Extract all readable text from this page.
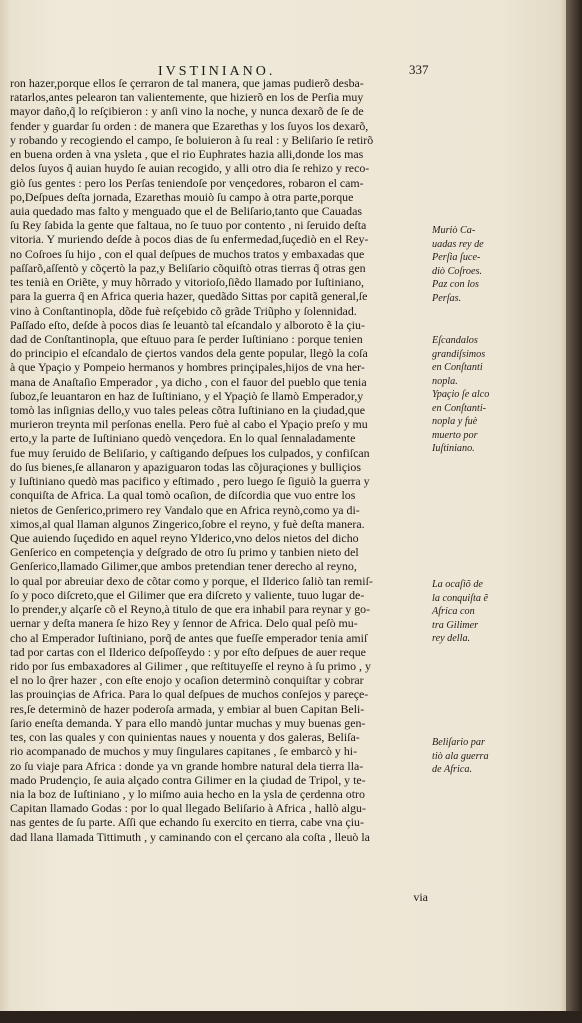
IVSTINIANO.	337
ron hazer,porque ellos ſe çerraron de tal manera, que jamas pudierõ desba-
ratarlos,antes pelearon tan valientemente, que hizierõ en los de Perſia muy
mayor daño,q̃ lo reſçibieron : y anſi vino la noche, y nunca dexarõ de ſe de
fender y guardar ſu orden : de manera que Ezarethas y los ſuyos los dexarõ,
y robando y recogiendo el campo, ſe boluieron à ſu real : y Beliſario ſe retirõ
en buena orden à vna ysleta , que el rio Euphrates hazia alli,donde los mas
delos ſuyos q̃ auian huydo ſe auian recogido, y alli otro dia ſe rehizo y reco-
giò ſus gentes : pero los Perſas teniendoſe por vençedores, robaron el cam-
po,Deſpues deſta jornada, Ezarethas mouiò ſu campo à otra parte,porque
auia quedado mas falto y menguado que el de Beliſario,tanto que Cauadas
ſu Rey ſabida la gente que faltaua, no ſe tuuo por contento , ni ſeruido deſta
vitoria. Y muriendo deſde à pocos dias de ſu enfermedad,ſuçediò en el Rey-
no Coſroes ſu hijo , con el qual deſpues de muchos tratos y embaxadas que
paſſarõ,aſſentò y cõçertò la paz,y Beliſario cõquiſtò otras tierras q̃ otras gen
tes tenià en Oriẽte, y muy hõrrado y vitorioſo,ſiẽdo llamado por Iuſtiniano,
para la guerra q̃ en Africa queria hazer, quedãdo Sittas por capitã general,ſe
vino à Conſtantinopla, dõde fuè reſçebido cõ grãde Triũpho y ſolennidad.
Paſſado eſto, deſde à pocos dias ſe leuantò tal eſcandalo y alboroto ẽ la çiu-
dad de Conſtantinopla, que eſtuuo para ſe perder Iuſtiniano : porque tenien
do principio el eſcandalo de çiertos vandos dela gente popular, llegò la coſa
à que Ypaçio y Pompeio hermanos y hombres prinçipales,hijos de vna her-
mana de Anaſtaſio Emperador , ya dicho , con el fauor del pueblo que tenia
ſuboz,ſe leuantaron en haz de Iuſtiniano, y el Ypaçiò ſe llamò Emperador,y
tomò las inſignias dello,y vuo tales peleas cõtra Iuſtiniano en la çiudad,que
murieron treynta mil perſonas enella. Pero fuè al cabo el Ypaçio preſo y mu
erto,y la parte de Iuſtiniano quedò vençedora. En lo qual ſennaladamente
fue muy ſeruido de Beliſario, y caſtigando deſpues los culpados, y confiſcan
do ſus bienes,ſe allanaron y apaziguaron todas las cõjuraçiones y bulliçios
y Iuſtiniano quedò mas pacifico y eſtimado , pero luego ſe ſiguiò la guerra y
conquiſta de Africa. La qual tomò ocaſion, de diſcordia que vuo entre los
nietos de Genſerico,primero rey Vandalo que en Africa reynò,como ya di-
ximos,al qual llaman algunos Zingerico,ſobre el reyno, y fuè deſta manera.
Que auiendo ſuçedido en aquel reyno Ylderico,vno delos nietos del dicho
Genſerico en competençia y deſgrado de otro ſu primo y tanbien nieto del
Genſerico,llamado Gilimer,que ambos pretendian tener derecho al reyno,
lo qual por abreuiar dexo de cõtar como y porque, el Ilderico ſaliò tan remiſ-
ſo y poco diſcreto,que el Gilimer que era diſcreto y valiente, tuuo lugar de-
lo prender,y alçarſe cõ el Reyno,à titulo de que era inhabil para reynar y go-
uernar y deſta manera ſe hizo Rey y ſennor de Africa. Delo qual peſò mu-
cho al Emperador Iuſtiniano, porq̃ de antes que fueſſe emperador tenia amiſ
tad por cartas con el Ilderico deſpoſſeydo : y por eſto deſpues de auer reque
rido por ſus embaxadores al Gilimer , que reſtituyeſſe el reyno à ſu primo , y
el no lo q̃rer hazer , con eſte enojo y ocaſion determinò conquiſtar y cobrar
las prouinçias de Africa. Para lo qual deſpues de muchos conſejos y pareçe-
res,ſe determinò de hazer poderoſa armada, y embiar al buen Capitan Beli-
ſario eneſta demanda. Y para ello mandò juntar muchas y muy buenas gen-
tes, con las quales y con quinientas naues y nouenta y dos galeras, Beliſa-
rio acompanado de muchos y muy ſingulares capitanes , ſe embarcò y hi-
zo ſu viaje para Africa : donde ya vn grande hombre natural dela tierra lla-
mado Prudençio, ſe auia alçado contra Gilimer en la çiudad de Tripol, y te-
nia la boz de Iuſtiniano , y lo miſmo auia hecho en la ysla de çerdenna otro
Capitan llamado Godas : por lo qual llegado Beliſario à Africa , hallò algu-
nas gentes de ſu parte. Aſſi que echando ſu exercito en tierra, cabe vna çiu-
dad llana llamada Tittimuth , y caminando con el çercano ala coſta , lleuò la
via
Muriò Ca-
uadas rey de
Perſia ſuce-
diò Coſroes.
Paz con los
Perſas.
Eſcandalos
grandiſsimos
en Conſtanti
nopla.
Ypaçio ſe alco
en Conſtanti-
nopla y fuè
muerto por
Iuſtiniano.
La ocaſiõ de
la conquiſta ẽ
Africa con
tra Gilimer
rey della.
Beliſario par
tiò ala guerra
de Africa.
